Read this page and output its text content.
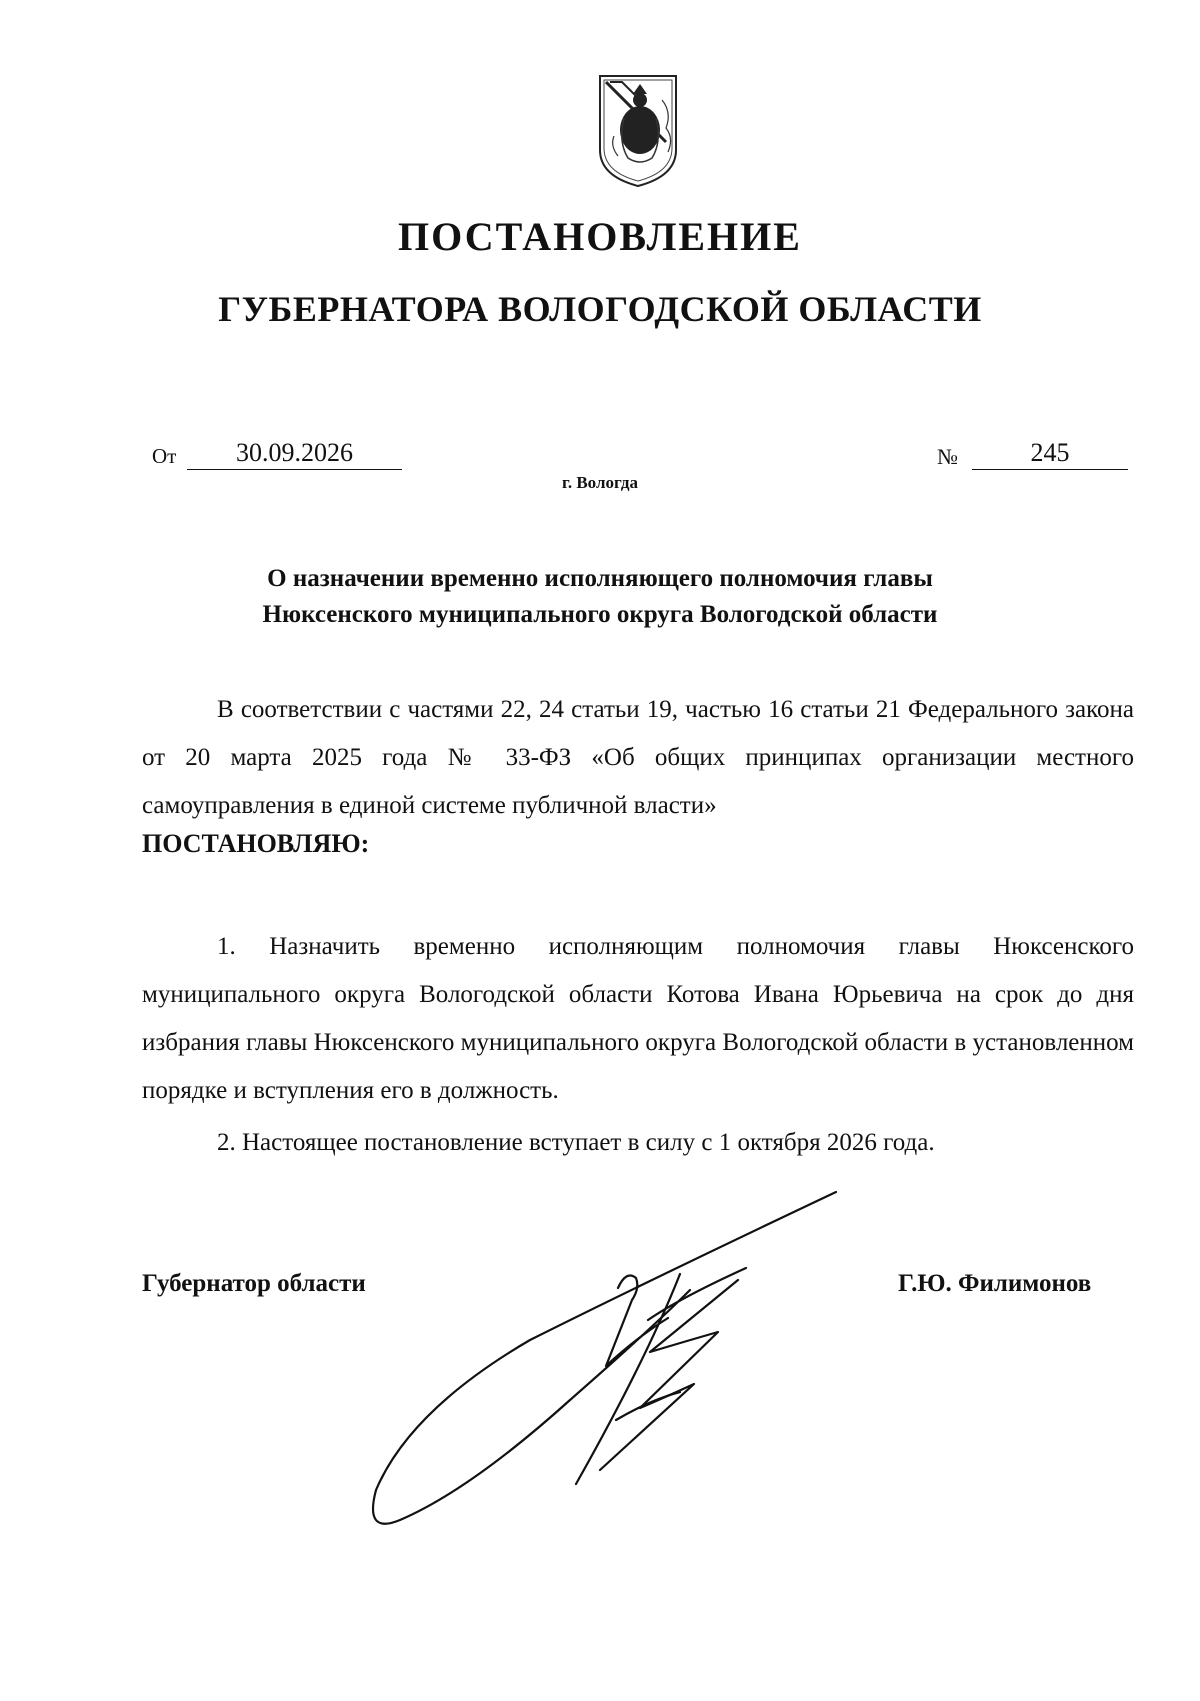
ПОСТАНОВЛЕНИЕ
ГУБЕРНАТОРА ВОЛОГОДСКОЙ ОБЛАСТИ
От	30.09.2026	№	245
г. Вологда
О назначении временно исполняющего полномочия главы
Нюксенского муниципального округа Вологодской области

В соответствии с частями 22, 24 статьи 19, частью 16 статьи 21 Федерального закона от 20 марта 2025 года № 33-ФЗ «Об общих принципах организации местного самоуправления в единой системе публичной власти»

ПОСТАНОВЛЯЮ:

1. Назначить временно исполняющим полномочия главы Нюксенского муниципального округа Вологодской области Котова Ивана Юрьевича на срок до дня избрания главы Нюксенского муниципального округа Вологодской области в установленном порядке и вступления его в должность.

2. Настоящее постановление вступает в силу с 1 октября 2026 года.

Губернатор области	Г.Ю. Филимонов
